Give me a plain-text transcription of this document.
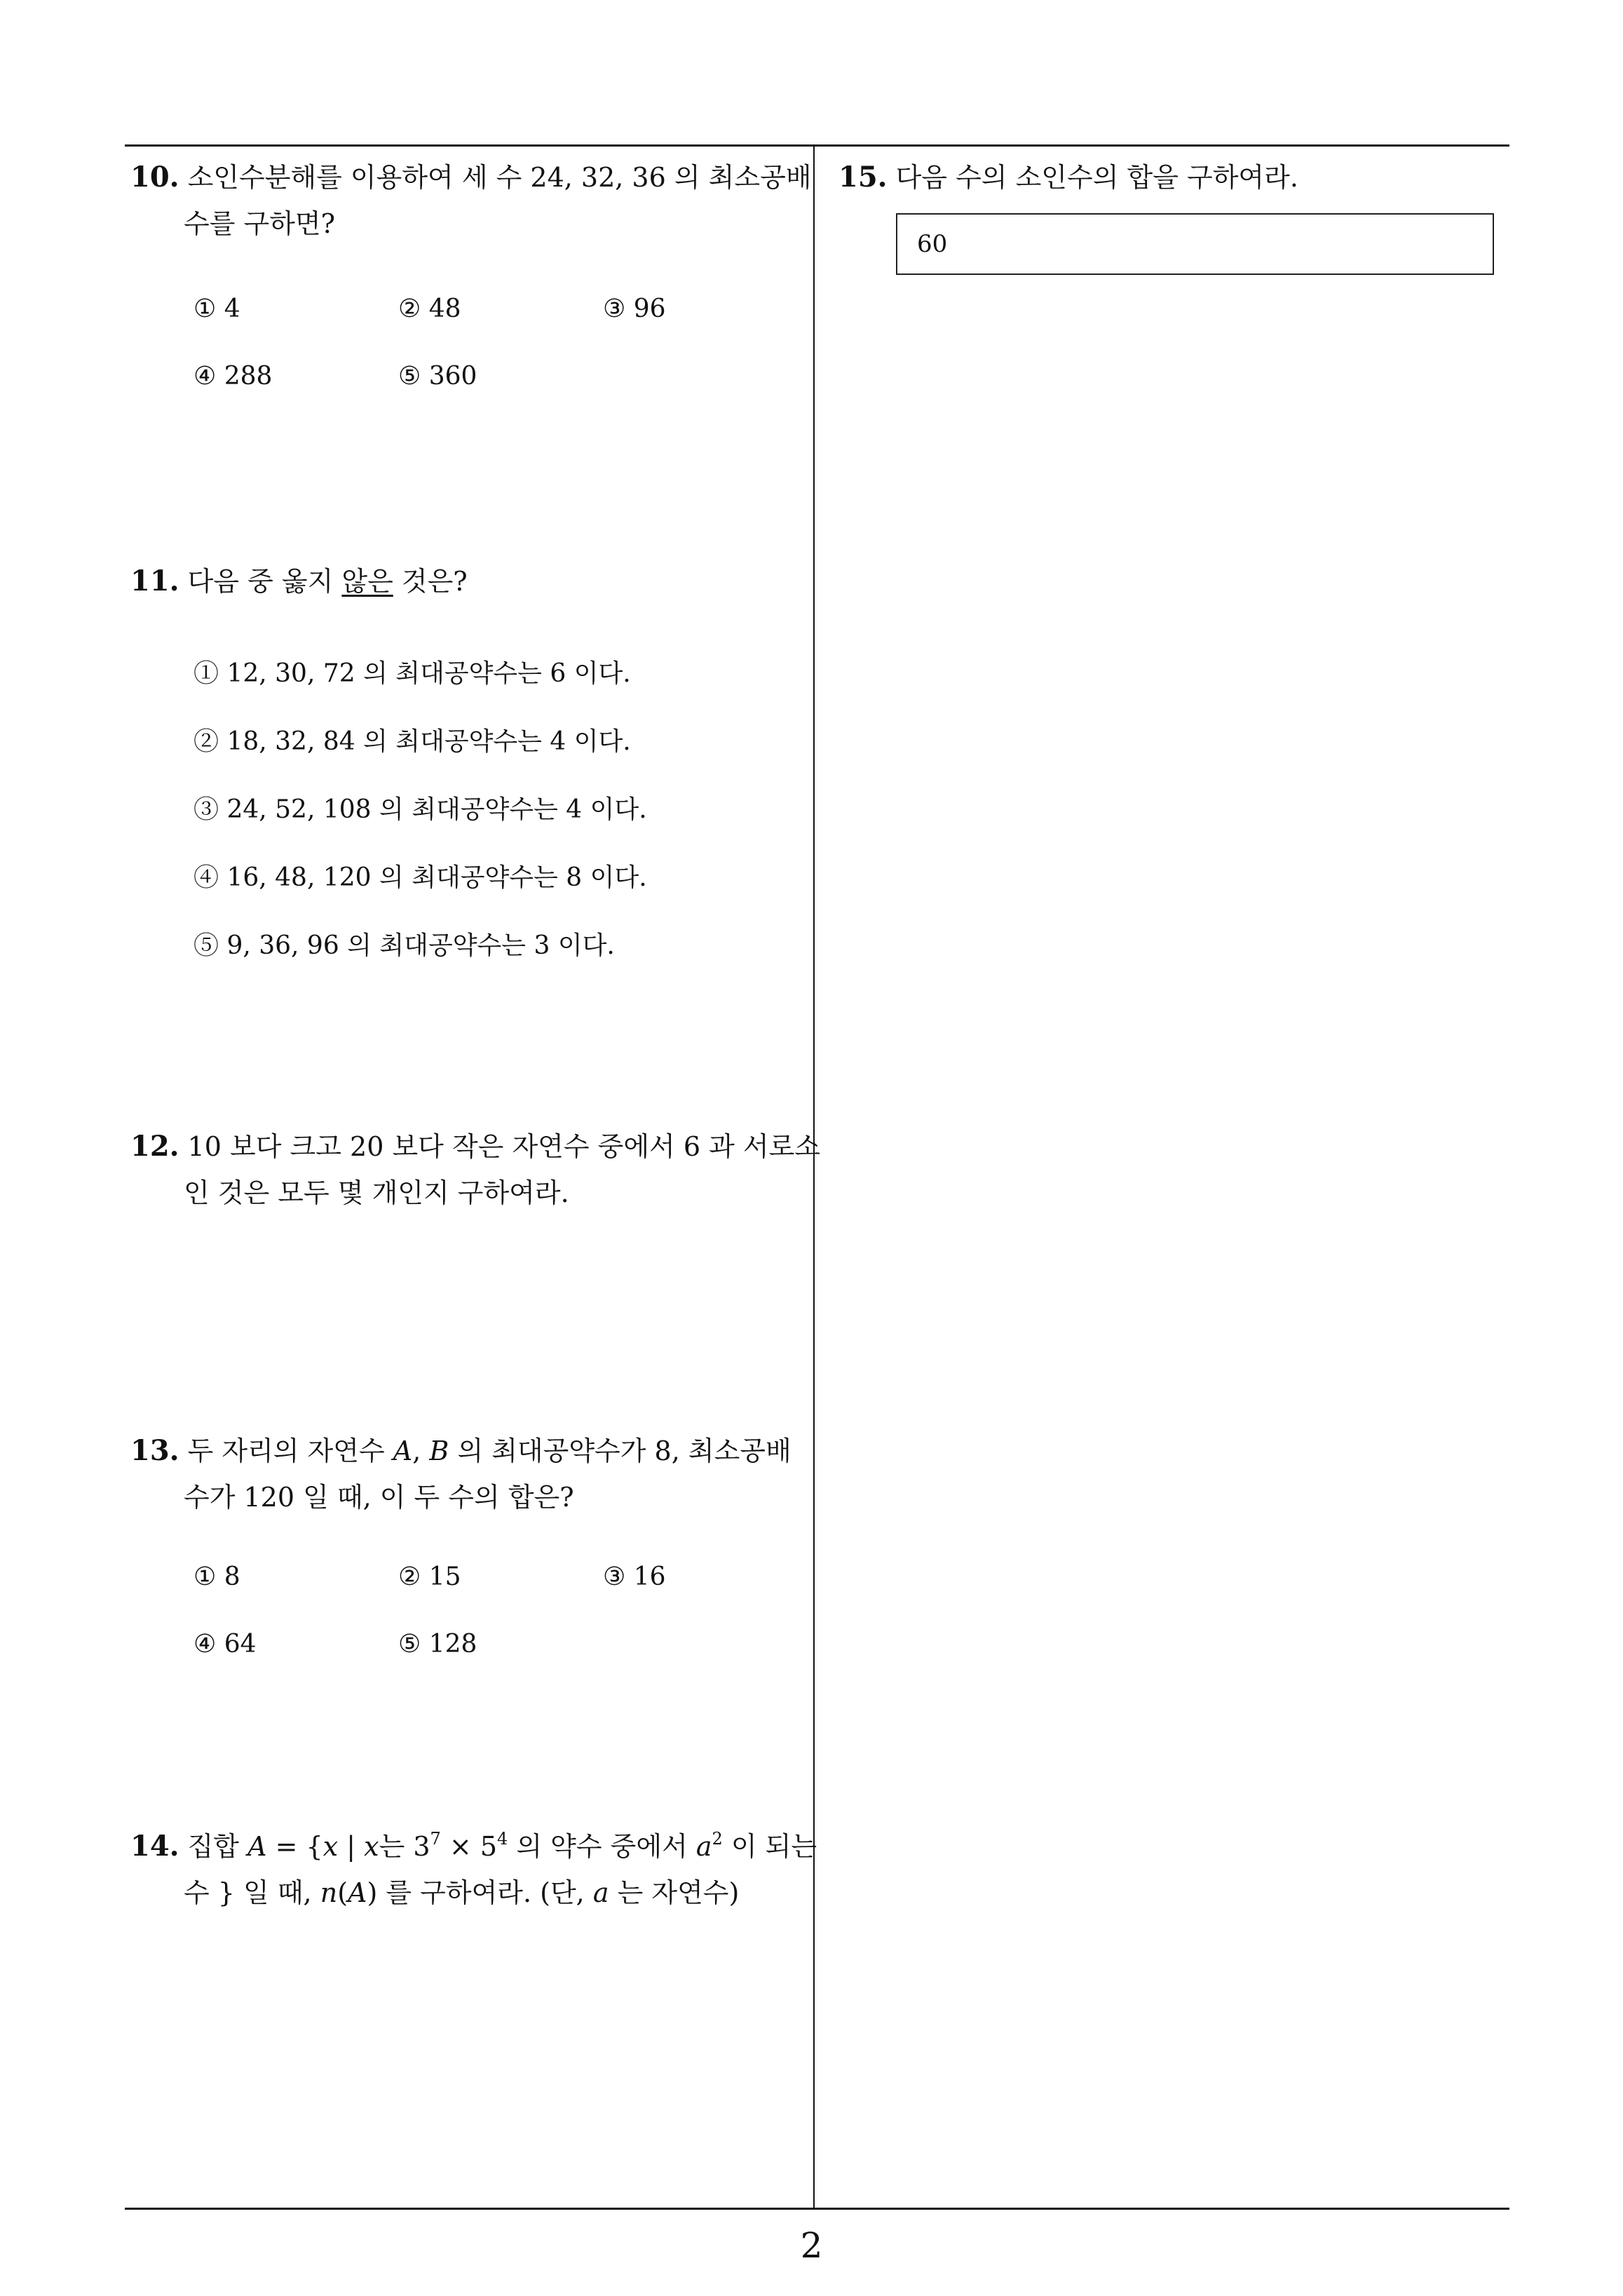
10. 소인수분해를 이용하여 세 수 24, 32, 36 의 최소공배
수를 구하면?
① 4	② 48	③ 96
④ 288	⑤ 360
11. 다음 중 옳지 않은 것은?
① 12, 30, 72 의 최대공약수는 6 이다.
② 18, 32, 84 의 최대공약수는 4 이다.
③ 24, 52, 108 의 최대공약수는 4 이다.
④ 16, 48, 120 의 최대공약수는 8 이다.
⑤ 9, 36, 96 의 최대공약수는 3 이다.
12. 10 보다 크고 20 보다 작은 자연수 중에서 6 과 서로소
인 것은 모두 몇 개인지 구하여라.
13. 두 자리의 자연수 A, B 의 최대공약수가 8, 최소공배
수가 120 일 때, 이 두 수의 합은?
① 8	② 15	③ 16
④ 64	⑤ 128
14. 집합 A = {x | x는 $3^7 \times 5^4$ 의 약수 중에서 $a^2$ 이 되는
수 } 일 때, n(A) 를 구하여라. (단, a 는 자연수)
15. 다음 수의 소인수의 합을 구하여라.
60
2
